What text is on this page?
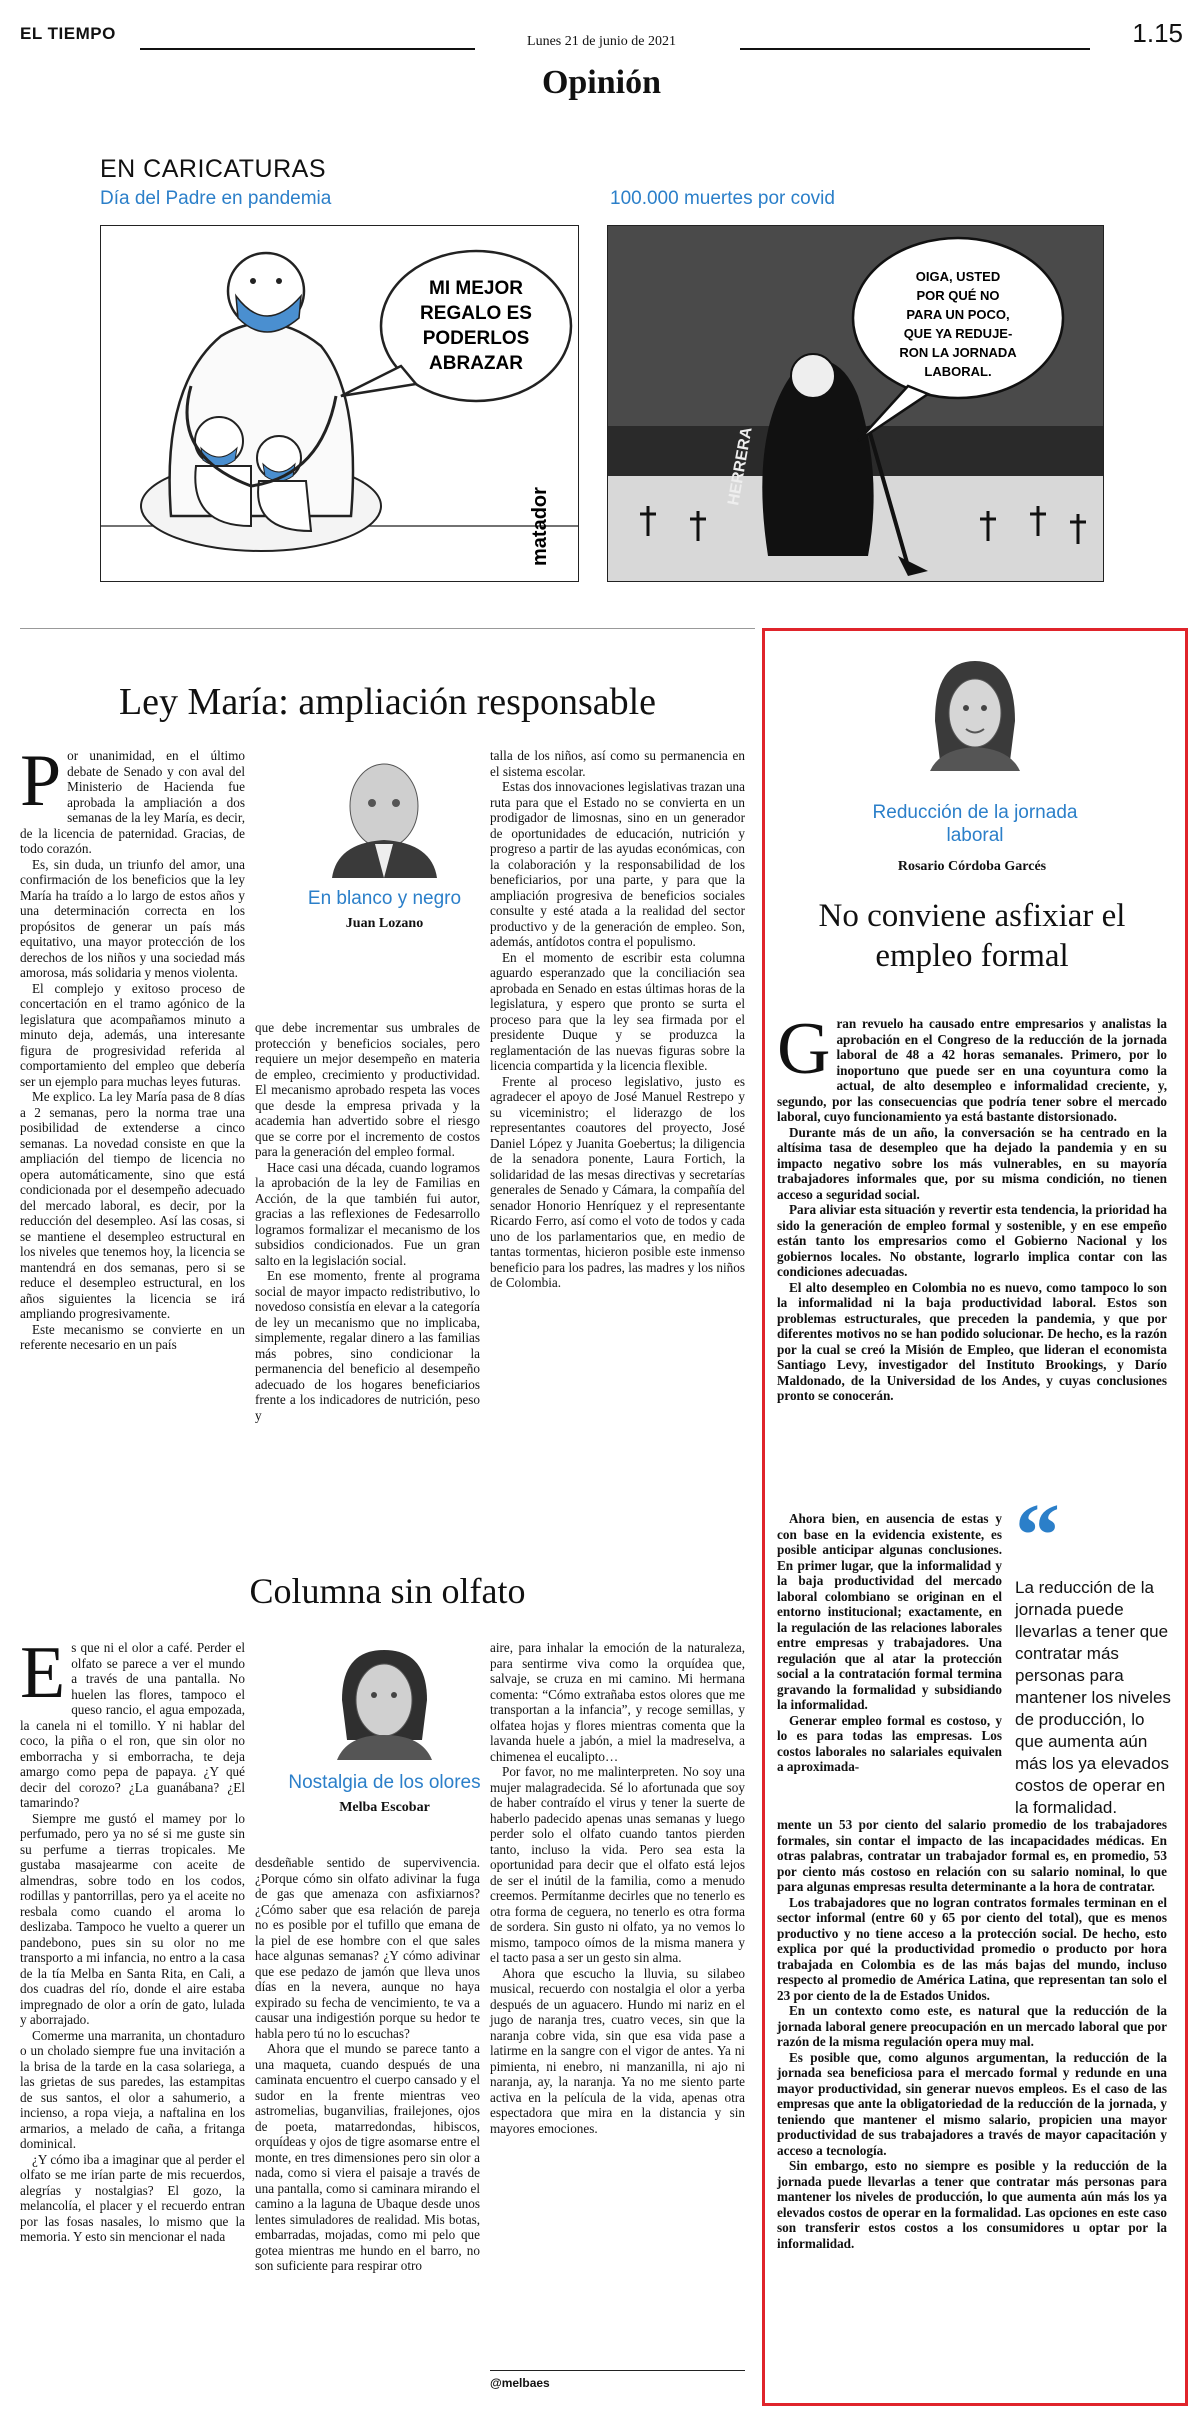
EL TIEMPO	Lunes 21 de junio de 2021	1.15
Opinión
EN CARICATURAS
Día del Padre en pandemia	100.000 muertes por covid
MI MEJOR
REGALO ES
PODERLOS
ABRAZAR
matador
OIGA, USTED
POR QUÉ NO
PARA UN POCO,
QUE YA REDUJE-
RON LA JORNADA
LABORAL.
HERRERA
Ley María: ampliación responsable
P or unanimidad, en el último debate de Senado y con aval del Ministerio de Hacienda fue aprobada la ampliación a dos semanas de la ley María, es decir, de la licencia de paternidad. Gracias, de todo corazón.

Es, sin duda, un triunfo del amor, una confirmación de los beneficios que la ley María ha traído a lo largo de estos años y una determinación correcta en los propósitos de generar un país más equitativo, una mayor protección de los derechos de los niños y una sociedad más amorosa, más solidaria y menos violenta.

El complejo y exitoso proceso de concertación en el tramo agónico de la legislatura que acompañamos minuto a minuto deja, además, una interesante figura de progresividad referida al comportamiento del empleo que debería ser un ejemplo para muchas leyes futuras.

Me explico. La ley María pasa de 8 días a 2 semanas, pero la norma trae una posibilidad de extenderse a cinco semanas. La novedad consiste en que la ampliación del tiempo de licencia no opera automáticamente, sino que está condicionada por el desempeño adecuado del mercado laboral, es decir, por la reducción del desempleo. Así las cosas, si se mantiene el desempleo estructural en los niveles que tenemos hoy, la licencia se mantendrá en dos semanas, pero si se reduce el desempleo estructural, en los años siguientes la licencia se irá ampliando progresivamente.

Este mecanismo se convierte en un referente necesario en un país

En blanco y negro
Juan Lozano

que debe incrementar sus umbrales de protección y beneficios sociales, pero requiere un mejor desempeño en materia de empleo, crecimiento y productividad. El mecanismo aprobado respeta las voces que desde la empresa privada y la academia han advertido sobre el riesgo que se corre por el incremento de costos para la generación del empleo formal.

Hace casi una década, cuando logramos la aprobación de la ley de Familias en Acción, de la que también fui autor, gracias a las reflexiones de Fedesarrollo logramos formalizar el mecanismo de los subsidios condicionados. Fue un gran salto en la legislación social.

En ese momento, frente al programa social de mayor impacto redistributivo, lo novedoso consistía en elevar a la categoría de ley un mecanismo que no implicaba, simplemente, regalar dinero a las familias más pobres, sino condicionar la permanencia del beneficio al desempeño adecuado de los hogares beneficiarios frente a los indicadores de nutrición, peso y

talla de los niños, así como su permanencia en el sistema escolar.

Estas dos innovaciones legislativas trazan una ruta para que el Estado no se convierta en un prodigador de limosnas, sino en un generador de oportunidades de educación, nutrición y progreso a partir de las ayudas económicas, con la colaboración y la responsabilidad de los beneficiarios, por una parte, y para que la ampliación progresiva de beneficios sociales consulte y esté atada a la realidad del sector productivo y de la generación de empleo. Son, además, antídotos contra el populismo.

En el momento de escribir esta columna aguardo esperanzado que la conciliación sea aprobada en Senado en estas últimas horas de la legislatura, y espero que pronto se surta el proceso para que la ley sea firmada por el presidente Duque y se produzca la reglamentación de las nuevas figuras sobre la licencia compartida y la licencia flexible.

Frente al proceso legislativo, justo es agradecer el apoyo de José Manuel Restrepo y su viceministro; el liderazgo de los representantes coautores del proyecto, José Daniel López y Juanita Goebertus; la diligencia de la senadora ponente, Laura Fortich, la solidaridad de las mesas directivas y secretarías generales de Senado y Cámara, la compañía del senador Honorio Henríquez y el representante Ricardo Ferro, así como el voto de todos y cada uno de los parlamentarios que, en medio de tantas tormentas, hicieron posible este inmenso beneficio para los padres, las madres y los niños de Colombia.

Columna sin olfato
E s que ni el olor a café. Perder el olfato se parece a ver el mundo a través de una pantalla. No huelen las flores, tampoco el queso rancio, el agua empozada, la canela ni el tomillo. Y ni hablar del coco, la piña o el ron, que sin olor no emborracha y si emborracha, te deja amargo como pepa de papaya. ¿Y qué decir del corozo? ¿La guanábana? ¿El tamarindo?

Siempre me gustó el mamey por lo perfumado, pero ya no sé si me guste sin su perfume a tierras tropicales. Me gustaba masajearme con aceite de almendras, sobre todo en los codos, rodillas y pantorrillas, pero ya el aceite no resbala como cuando el aroma lo deslizaba. Tampoco he vuelto a querer un pandebono, pues sin su olor no me transporto a mi infancia, no entro a la casa de la tía Melba en Santa Rita, en Cali, a dos cuadras del río, donde el aire estaba impregnado de olor a orín de gato, lulada y aborrajado.

Comerme una marranita, un chontaduro o un cholado siempre fue una invitación a la brisa de la tarde en la casa solariega, a las grietas de sus paredes, las estampitas de sus santos, el olor a sahumerio, a incienso, a ropa vieja, a naftalina en los armarios, a melado de caña, a fritanga dominical.

¿Y cómo iba a imaginar que al perder el olfato se me irían parte de mis recuerdos, alegrías y nostalgias? El gozo, la melancolía, el placer y el recuerdo entran por las fosas nasales, lo mismo que la memoria. Y esto sin mencionar el nada

Nostalgia de los olores
Melba Escobar

desdeñable sentido de supervivencia. ¿Porque cómo sin olfato adivinar la fuga de gas que amenaza con asfixiarnos? ¿Cómo saber que esa relación de pareja no es posible por el tufillo que emana de la piel de ese hombre con el que sales hace algunas semanas? ¿Y cómo adivinar que ese pedazo de jamón que lleva unos días en la nevera, aunque no haya expirado su fecha de vencimiento, te va a causar una indigestión porque su hedor te habla pero tú no lo escuchas?

Ahora que el mundo se parece tanto a una maqueta, cuando después de una caminata encuentro el cuerpo cansado y el sudor en la frente mientras veo astromelias, buganvilias, frailejones, ojos de poeta, matarredondas, hibiscos, orquídeas y ojos de tigre asomarse entre el monte, en tres dimensiones pero sin olor a nada, como si viera el paisaje a través de una pantalla, como si caminara mirando el camino a la laguna de Ubaque desde unos lentes simuladores de realidad. Mis botas, embarradas, mojadas, como mi pelo que gotea mientras me hundo en el barro, no son suficiente para respirar otro

aire, para inhalar la emoción de la naturaleza, para sentirme viva como la orquídea que, salvaje, se cruza en mi camino. Mi hermana comenta: “Cómo extrañaba estos olores que me transportan a la infancia”, y recoge semillas, y olfatea hojas y flores mientras comenta que la lavanda huele a jabón, a miel la madreselva, a chimenea el eucalipto…

Por favor, no me malinterpreten. No soy una mujer malagradecida. Sé lo afortunada que soy de haber contraído el virus y tener la suerte de haberlo padecido apenas unas semanas y luego perder solo el olfato cuando tantos pierden tanto, incluso la vida. Pero sea esta la oportunidad para decir que el olfato está lejos de ser el inútil de la familia, como a menudo creemos. Permítanme decirles que no tenerlo es otra forma de ceguera, no tenerlo es otra forma de sordera. Sin gusto ni olfato, ya no vemos lo mismo, tampoco oímos de la misma manera y el tacto pasa a ser un gesto sin alma.

Ahora que escucho la lluvia, su silabeo musical, recuerdo con nostalgia el olor a yerba después de un aguacero. Hundo mi nariz en el jugo de naranja tres, cuatro veces, sin que la naranja cobre vida, sin que esa vida pase a latirme en la sangre con el vigor de antes. Ya ni pimienta, ni enebro, ni manzanilla, ni ajo ni naranja, ay, la naranja. Ya no me siento parte activa en la película de la vida, apenas otra espectadora que mira en la distancia y sin mayores emociones.

@melbaes
Reducción de la jornada laboral
Rosario Córdoba Garcés
No conviene asfixiar el empleo formal
G ran revuelo ha causado entre empresarios y analistas la aprobación en el Congreso de la reducción de la jornada laboral de 48 a 42 horas semanales. Primero, por lo inoportuno que puede ser en una coyuntura como la actual, de alto desempleo e informalidad creciente, y, segundo, por las consecuencias que podría tener sobre el mercado laboral, cuyo funcionamiento ya está bastante distorsionado.

Durante más de un año, la conversación se ha centrado en la altísima tasa de desempleo que ha dejado la pandemia y en su impacto negativo sobre los más vulnerables, en su mayoría trabajadores informales que, por su misma condición, no tienen acceso a seguridad social.

Para aliviar esta situación y revertir esta tendencia, la prioridad ha sido la generación de empleo formal y sostenible, y en ese empeño están tanto los empresarios como el Gobierno Nacional y los gobiernos locales. No obstante, lograrlo implica contar con las condiciones adecuadas.

El alto desempleo en Colombia no es nuevo, como tampoco lo son la informalidad ni la baja productividad laboral. Estos son problemas estructurales, que preceden la pandemia, y que por diferentes motivos no se han podido solucionar. De hecho, es la razón por la cual se creó la Misión de Empleo, que lideran el economista Santiago Levy, investigador del Instituto Brookings, y Darío Maldonado, de la Universidad de los Andes, y cuyas conclusiones pronto se conocerán.

Ahora bien, en ausencia de estas y con base en la evidencia existente, es posible anticipar algunas conclusiones. En primer lugar, que la informalidad y la baja productividad del mercado laboral colombiano se originan en el entorno institucional; exactamente, en la regulación de las relaciones laborales entre empresas y trabajadores. Una regulación que al atar la protección social a la contratación formal termina gravando la formalidad y subsidiando la informalidad.

Generar empleo formal es costoso, y lo es para todas las empresas. Los costos laborales no salariales equivalen a aproximada-

“
La reducción de la jornada puede llevarlas a tener que contratar más personas para mantener los niveles de producción, lo que aumenta aún más los ya elevados costos de operar en la formalidad.

mente un 53 por ciento del salario promedio de los trabajadores formales, sin contar el impacto de las incapacidades médicas. En otras palabras, contratar un trabajador formal es, en promedio, 53 por ciento más costoso en relación con su salario nominal, lo que para algunas empresas resulta determinante a la hora de contratar.

Los trabajadores que no logran contratos formales terminan en el sector informal (entre 60 y 65 por ciento del total), que es menos productivo y no tiene acceso a la protección social. De hecho, esto explica por qué la productividad promedio o producto por hora trabajada en Colombia es de las más bajas del mundo, incluso respecto al promedio de América Latina, que representan tan solo el 23 por ciento de la de Estados Unidos.

En un contexto como este, es natural que la reducción de la jornada laboral genere preocupación en un mercado laboral que por razón de la misma regulación opera muy mal.

Es posible que, como algunos argumentan, la reducción de la jornada sea beneficiosa para el mercado formal y redunde en una mayor productividad, sin generar nuevos empleos. Es el caso de las empresas que ante la obligatoriedad de la reducción de la jornada, y teniendo que mantener el mismo salario, propicien una mayor productividad de sus trabajadores a través de mayor capacitación y acceso a tecnología.

Sin embargo, esto no siempre es posible y la reducción de la jornada puede llevarlas a tener que contratar más personas para mantener los niveles de producción, lo que aumenta aún más los ya elevados costos de operar en la formalidad. Las opciones en este caso son transferir estos costos a los consumidores u optar por la informalidad.
